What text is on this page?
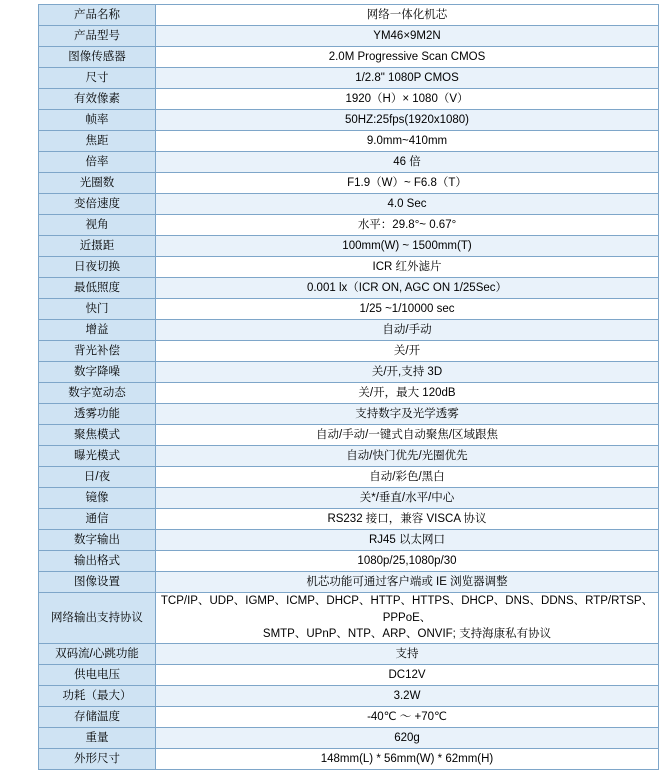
产品名称	网络一体化机芯
产品型号	YM46×9M2N
图像传感器	2.0M Progressive Scan CMOS
尺寸	1/2.8" 1080P CMOS
有效像素	1920（H）× 1080（V）
帧率	50HZ:25fps(1920x1080)
焦距	9.0mm~410mm
倍率	46 倍
光圈数	F1.9（W）~ F6.8（T）
变倍速度	4.0 Sec
视角	水平：29.8°~ 0.67°
近摄距	100mm(W) ~ 1500mm(T)
日夜切换	ICR 红外滤片
最低照度	0.001 lx（ICR ON, AGC ON 1/25Sec）
快门	1/25 ~1/10000 sec
增益	自动/手动
背光补偿	关/开
数字降噪	关/开,支持 3D
数字宽动态	关/开，最大 120dB
透雾功能	支持数字及光学透雾
聚焦模式	自动/手动/一键式自动聚焦/区域跟焦
曝光模式	自动/快门优先/光圈优先
日/夜	自动/彩色/黑白
镜像	关*/垂直/水平/中心
通信	RS232 接口，兼容 VISCA 协议
数字输出	RJ45 以太网口
输出格式	1080p/25,1080p/30
图像设置	机芯功能可通过客户端或 IE 浏览器调整
网络输出支持协议	TCP/IP、UDP、IGMP、ICMP、DHCP、HTTP、HTTPS、DHCP、DNS、DDNS、RTP/RTSP、PPPoE、
SMTP、UPnP、NTP、ARP、ONVIF; 支持海康私有协议

双码流/心跳功能	支持
供电电压	DC12V
功耗（最大）	3.2W
存储温度	-40℃ ～ +70℃
重量	620g
外形尺寸	148mm(L) * 56mm(W) * 62mm(H)
